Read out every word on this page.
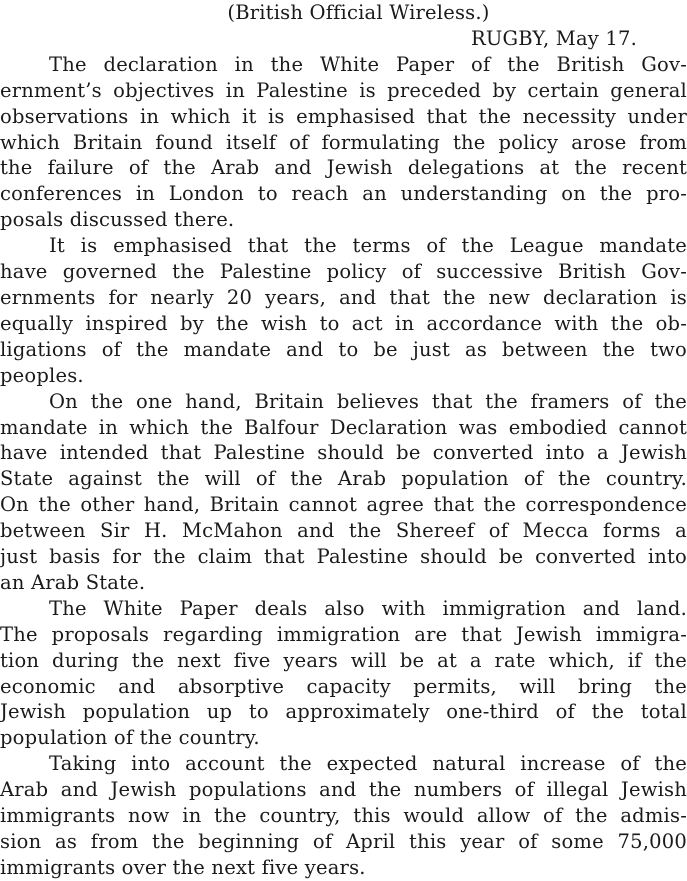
(British Official Wireless.)

RUGBY, May 17.

The declaration in the White Paper of the British Gov-
ernment’s objectives in Palestine is preceded by certain general
observations in which it is emphasised that the necessity under
which Britain found itself of formulating the policy arose from
the failure of the Arab and Jewish delegations at the recent
conferences in London to reach an understanding on the pro-
posals discussed there.
It is emphasised that the terms of the League mandate
have governed the Palestine policy of successive British Gov-
ernments for nearly 20 years, and that the new declaration is
equally inspired by the wish to act in accordance with the ob-
ligations of the mandate and to be just as between the two
peoples.
On the one hand, Britain believes that the framers of the
mandate in which the Balfour Declaration was embodied cannot
have intended that Palestine should be converted into a Jewish
State against the will of the Arab population of the country.
On the other hand, Britain cannot agree that the correspondence
between Sir H. McMahon and the Shereef of Mecca forms a
just basis for the claim that Palestine should be converted into
an Arab State.
The White Paper deals also with immigration and land.
The proposals regarding immigration are that Jewish immigra-
tion during the next five years will be at a rate which, if the
economic and absorptive capacity permits, will bring the
Jewish population up to approximately one-third of the total
population of the country.
Taking into account the expected natural increase of the
Arab and Jewish populations and the numbers of illegal Jewish
immigrants now in the country, this would allow of the admis-
sion as from the beginning of April this year of some 75,000
immigrants over the next five years.
